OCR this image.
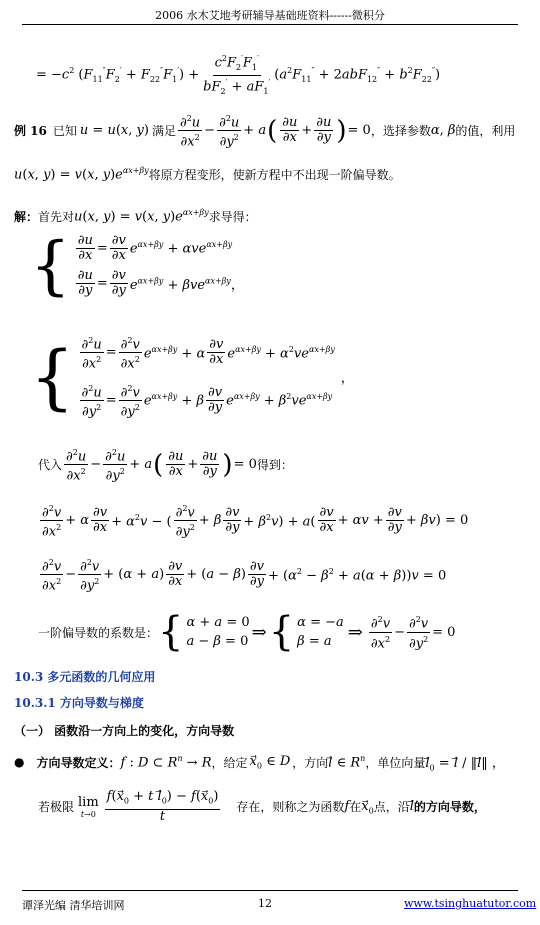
2006 水木艾地考研辅导基础班资料------微积分
= $-c^2$ $(F_{11}''F_2' + F_{22}''F_1') + \frac{c^2F_2'F_1'}{bF_2' + aF_1'} (a^2F_{11}'' + 2abF_{12}'' + b^2F_{22}'')$
例 16 已知 u = u(x, y) 满足 $\frac{\partial^2u}{\partial x^2} - \frac{\partial^2u}{\partial y^2} + a$ ( $\frac{\partial u}{\partial x} + \frac{\partial u}{\partial y}$ ) = 0 ，选择参数 α, β 的值，利用
u(x, y) = v(x, $y)e^{\alpha x+\beta y}$ 将原方程变形，使新方程中不出现一阶偏导数。
解： 首先对 u(x, y) = v(x, $y)e^{\alpha x+\beta y}$ 求导得：
{ $\frac{\partial u}{\partial x} = \frac{\partial v}{\partial x} e^{\alpha x+\beta y} + \alpha ve^{\alpha x+\beta y}$
$\frac{\partial u}{\partial y} = \frac{\partial v}{\partial y} e^{\alpha x+\beta y} + \beta ve^{\alpha x+\beta y}$，
{ $\frac{\partial^2u}{\partial x^2} = \frac{\partial^2v}{\partial x^2} e^{\alpha x+\beta y} + \alpha \frac{\partial v}{\partial x} e^{\alpha x+\beta y} + \alpha^2ve^{\alpha x+\beta y}$
$\frac{\partial^2u}{\partial y^2} = \frac{\partial^2v}{\partial y^2} e^{\alpha x+\beta y} + \beta \frac{\partial v}{\partial y} e^{\alpha x+\beta y} + \beta^2ve^{\alpha x+\beta y}$
，
代入 $\frac{\partial^2u}{\partial x^2} - \frac{\partial^2u}{\partial y^2} + a$ ( $\frac{\partial u}{\partial x} + \frac{\partial u}{\partial y}$ ) = 0 得到：
$\frac{\partial^2v}{\partial x^2} + \alpha \frac{\partial v}{\partial x} + \alpha^2v$ − ( $\frac{\partial^2v}{\partial y^2} + \beta \frac{\partial v}{\partial y} + \beta^2v) + a( \frac{\partial v}{\partial x} + \alpha v + \frac{\partial v}{\partial y} + \beta v) = 0$
$\frac{\partial^2v}{\partial x^2} - \frac{\partial^2v}{\partial y^2} + (\alpha + a) \frac{\partial v}{\partial x} + (a - \beta) \frac{\partial v}{\partial y} + (\alpha^2 - \beta^2 + a(\alpha + \beta))v = 0$
一阶偏导数的系数是： { α + a = 0
a − β = 0 ⇒ { α = −a
β = a ⇒ $\frac{\partial^2v}{\partial x^2} - \frac{\partial^2v}{\partial y^2} = 0$
10.3 多元函数的几何应用
10.3.1 方向导数与梯度
（一） 函数沿一方向上的变化，方向导数
● 方向导数定义： f : D ⊂ $R^n \to R$ ，给定 $x_0$ ∈ D ，方向 l⃗ ∈ $R^n$ ，单位向量 $l_0$ = l⃗ / ‖l⃗‖ ，
若极限 lim
$t\to 0 \frac{f(x_0 + t l_0) - f(x_0)}{t}$ 存在，则称之为函数 f 在 $x_0$ 点，沿 l 的方向导数，
谭泽光编 清华培训网	12	www.tsinghuatutor.com
